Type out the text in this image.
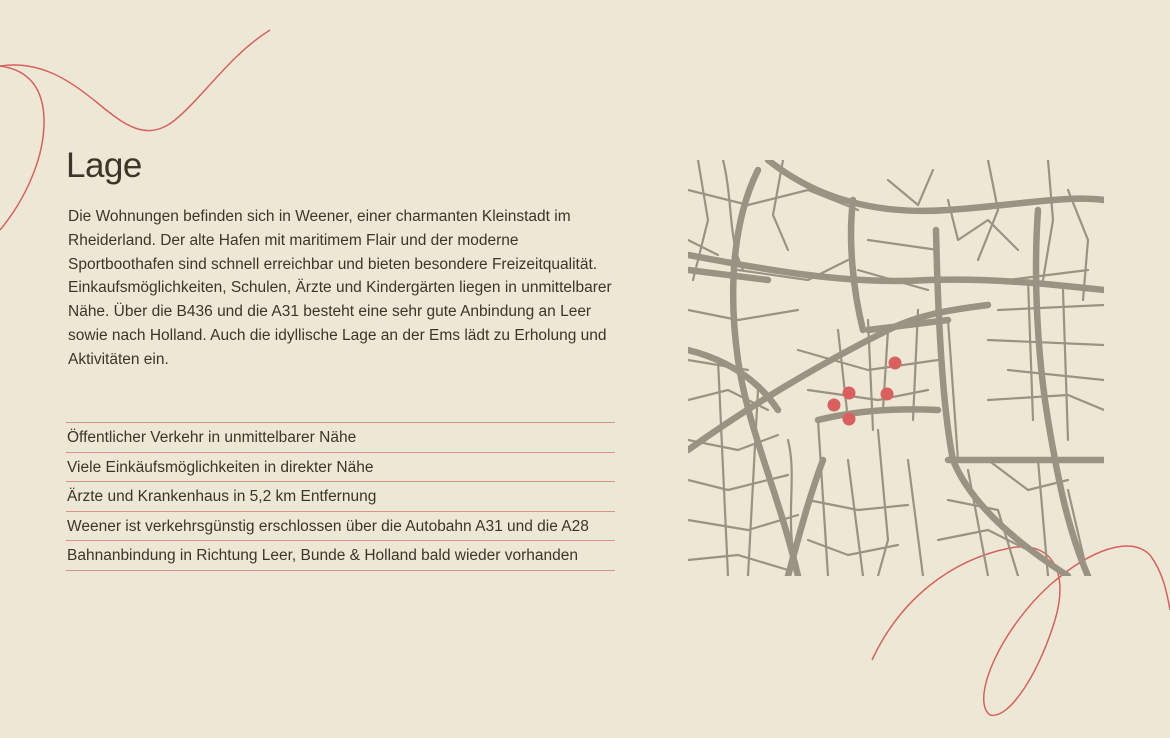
Lage

Die Wohnungen befinden sich in Weener, einer charmanten Kleinstadt im Rheiderland. Der alte Hafen mit maritimem Flair und der moderne Sportboothafen sind schnell erreichbar und bieten besondere Freizeitqualität. Einkaufsmöglichkeiten, Schulen, Ärzte und Kindergärten liegen in unmittelbarer Nähe. Über die B436 und die A31 besteht eine sehr gute Anbindung an Leer sowie nach Holland. Auch die idyllische Lage an der Ems lädt zu Erholung und Aktivitäten ein.

Öffentlicher Verkehr in unmittelbarer Nähe
Viele Einkäufsmöglichkeiten in direkter Nähe
Ärzte und Krankenhaus in 5,2 km Entfernung
Weener ist verkehrsgünstig erschlossen über die Autobahn A31 und die A28
Bahnanbindung in Richtung Leer, Bunde & Holland bald wieder vorhanden
